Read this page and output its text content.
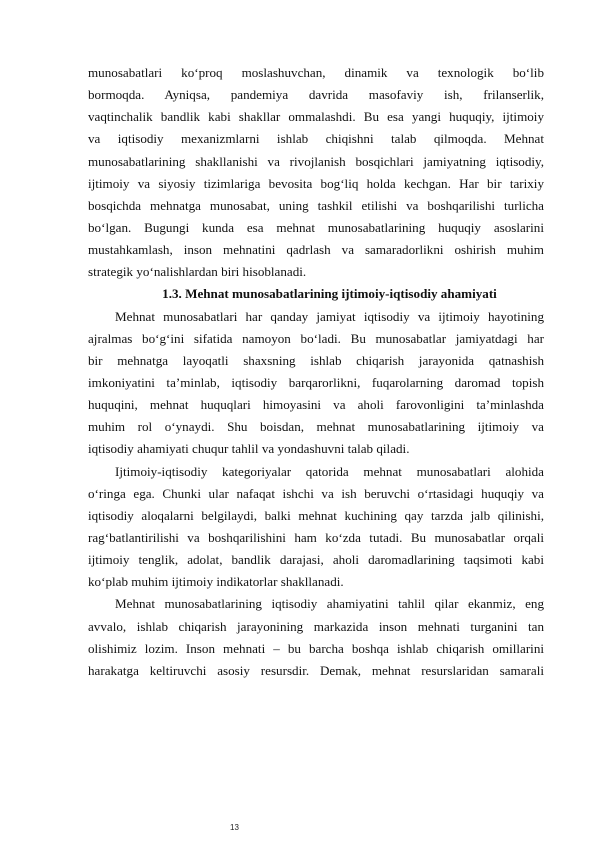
munosabatlari ko‘proq moslashuvchan, dinamik va texnologik bo‘lib
bormoqda. Ayniqsa, pandemiya davrida masofaviy ish, frilanserlik,
vaqtinchalik bandlik kabi shakllar ommalashdi. Bu esa yangi huquqiy, ijtimoiy
va iqtisodiy mexanizmlarni ishlab chiqishni talab qilmoqda. Mehnat
munosabatlarining shakllanishi va rivojlanish bosqichlari jamiyatning iqtisodiy,
ijtimoiy va siyosiy tizimlariga bevosita bog‘liq holda kechgan. Har bir tarixiy
bosqichda mehnatga munosabat, uning tashkil etilishi va boshqarilishi turlicha
bo‘lgan. Bugungi kunda esa mehnat munosabatlarining huquqiy asoslarini
mustahkamlash, inson mehnatini qadrlash va samaradorlikni oshirish muhim
strategik yo‘nalishlardan biri hisoblanadi.
1.3. Mehnat munosabatlarining ijtimoiy-iqtisodiy ahamiyati
Mehnat munosabatlari har qanday jamiyat iqtisodiy va ijtimoiy hayotining
ajralmas bo‘g‘ini sifatida namoyon bo‘ladi. Bu munosabatlar jamiyatdagi har
bir mehnatga layoqatli shaxsning ishlab chiqarish jarayonida qatnashish
imkoniyatini ta’minlab, iqtisodiy barqarorlikni, fuqarolarning daromad topish
huquqini, mehnat huquqlari himoyasini va aholi farovonligini ta’minlashda
muhim rol o‘ynaydi. Shu boisdan, mehnat munosabatlarining ijtimoiy va
iqtisodiy ahamiyati chuqur tahlil va yondashuvni talab qiladi.
Ijtimoiy-iqtisodiy kategoriyalar qatorida mehnat munosabatlari alohida
o‘ringa ega. Chunki ular nafaqat ishchi va ish beruvchi o‘rtasidagi huquqiy va
iqtisodiy aloqalarni belgilaydi, balki mehnat kuchining qay tarzda jalb qilinishi,
rag‘batlantirilishi va boshqarilishini ham ko‘zda tutadi. Bu munosabatlar orqali
ijtimoiy tenglik, adolat, bandlik darajasi, aholi daromadlarining taqsimoti kabi
ko‘plab muhim ijtimoiy indikatorlar shakllanadi.
Mehnat munosabatlarining iqtisodiy ahamiyatini tahlil qilar ekanmiz, eng
avvalo, ishlab chiqarish jarayonining markazida inson mehnati turganini tan
olishimiz lozim. Inson mehnati – bu barcha boshqa ishlab chiqarish omillarini
harakatga keltiruvchi asosiy resursdir. Demak, mehnat resurslaridan samarali
13
